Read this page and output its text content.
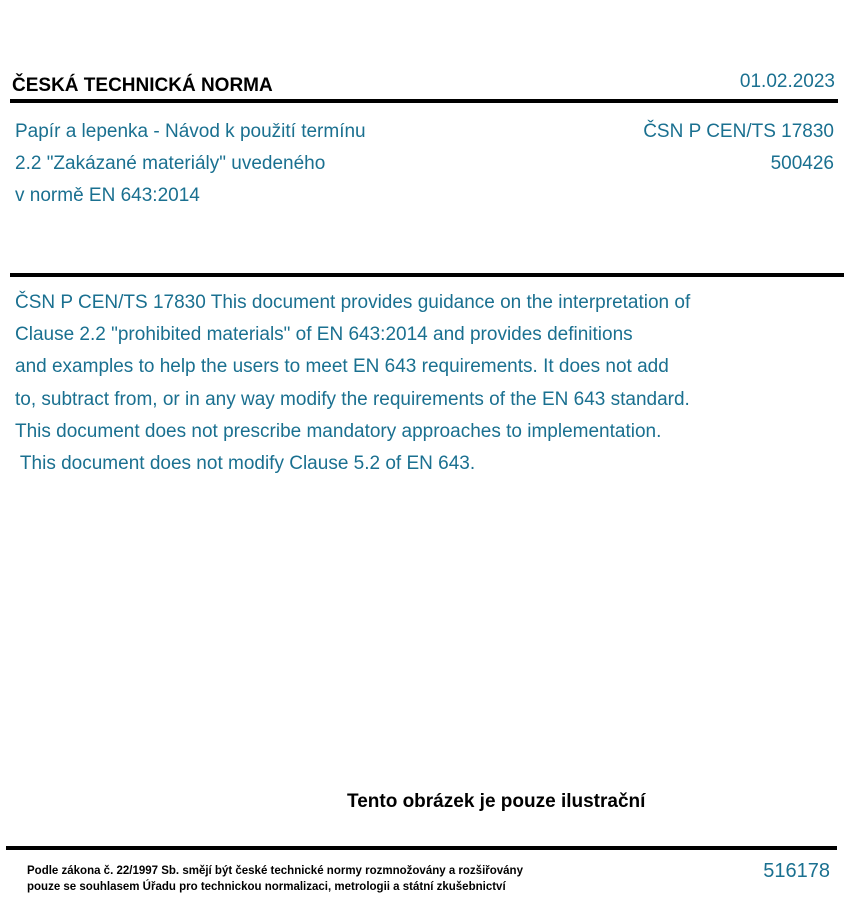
ČESKÁ TECHNICKÁ NORMA	01.02.2023
Papír a lepenka - Návod k použití termínu
2.2 "Zakázané materiály" uvedeného
v normě EN 643:2014
ČSN P CEN/TS 17830
500426
ČSN P CEN/TS 17830 This document provides guidance on the interpretation of
Clause 2.2 "prohibited materials" of EN 643:2014 and provides definitions
and examples to help the users to meet EN 643 requirements. It does not add
to, subtract from, or in any way modify the requirements of the EN 643 standard.
This document does not prescribe mandatory approaches to implementation.
This document does not modify Clause 5.2 of EN 643.
Tento obrázek je pouze ilustrační
Podle zákona č. 22/1997 Sb. smějí být české technické normy rozmnožovány a rozšiřovány
pouze se souhlasem Úřadu pro technickou normalizaci, metrologii a státní zkušebnictví
516178
